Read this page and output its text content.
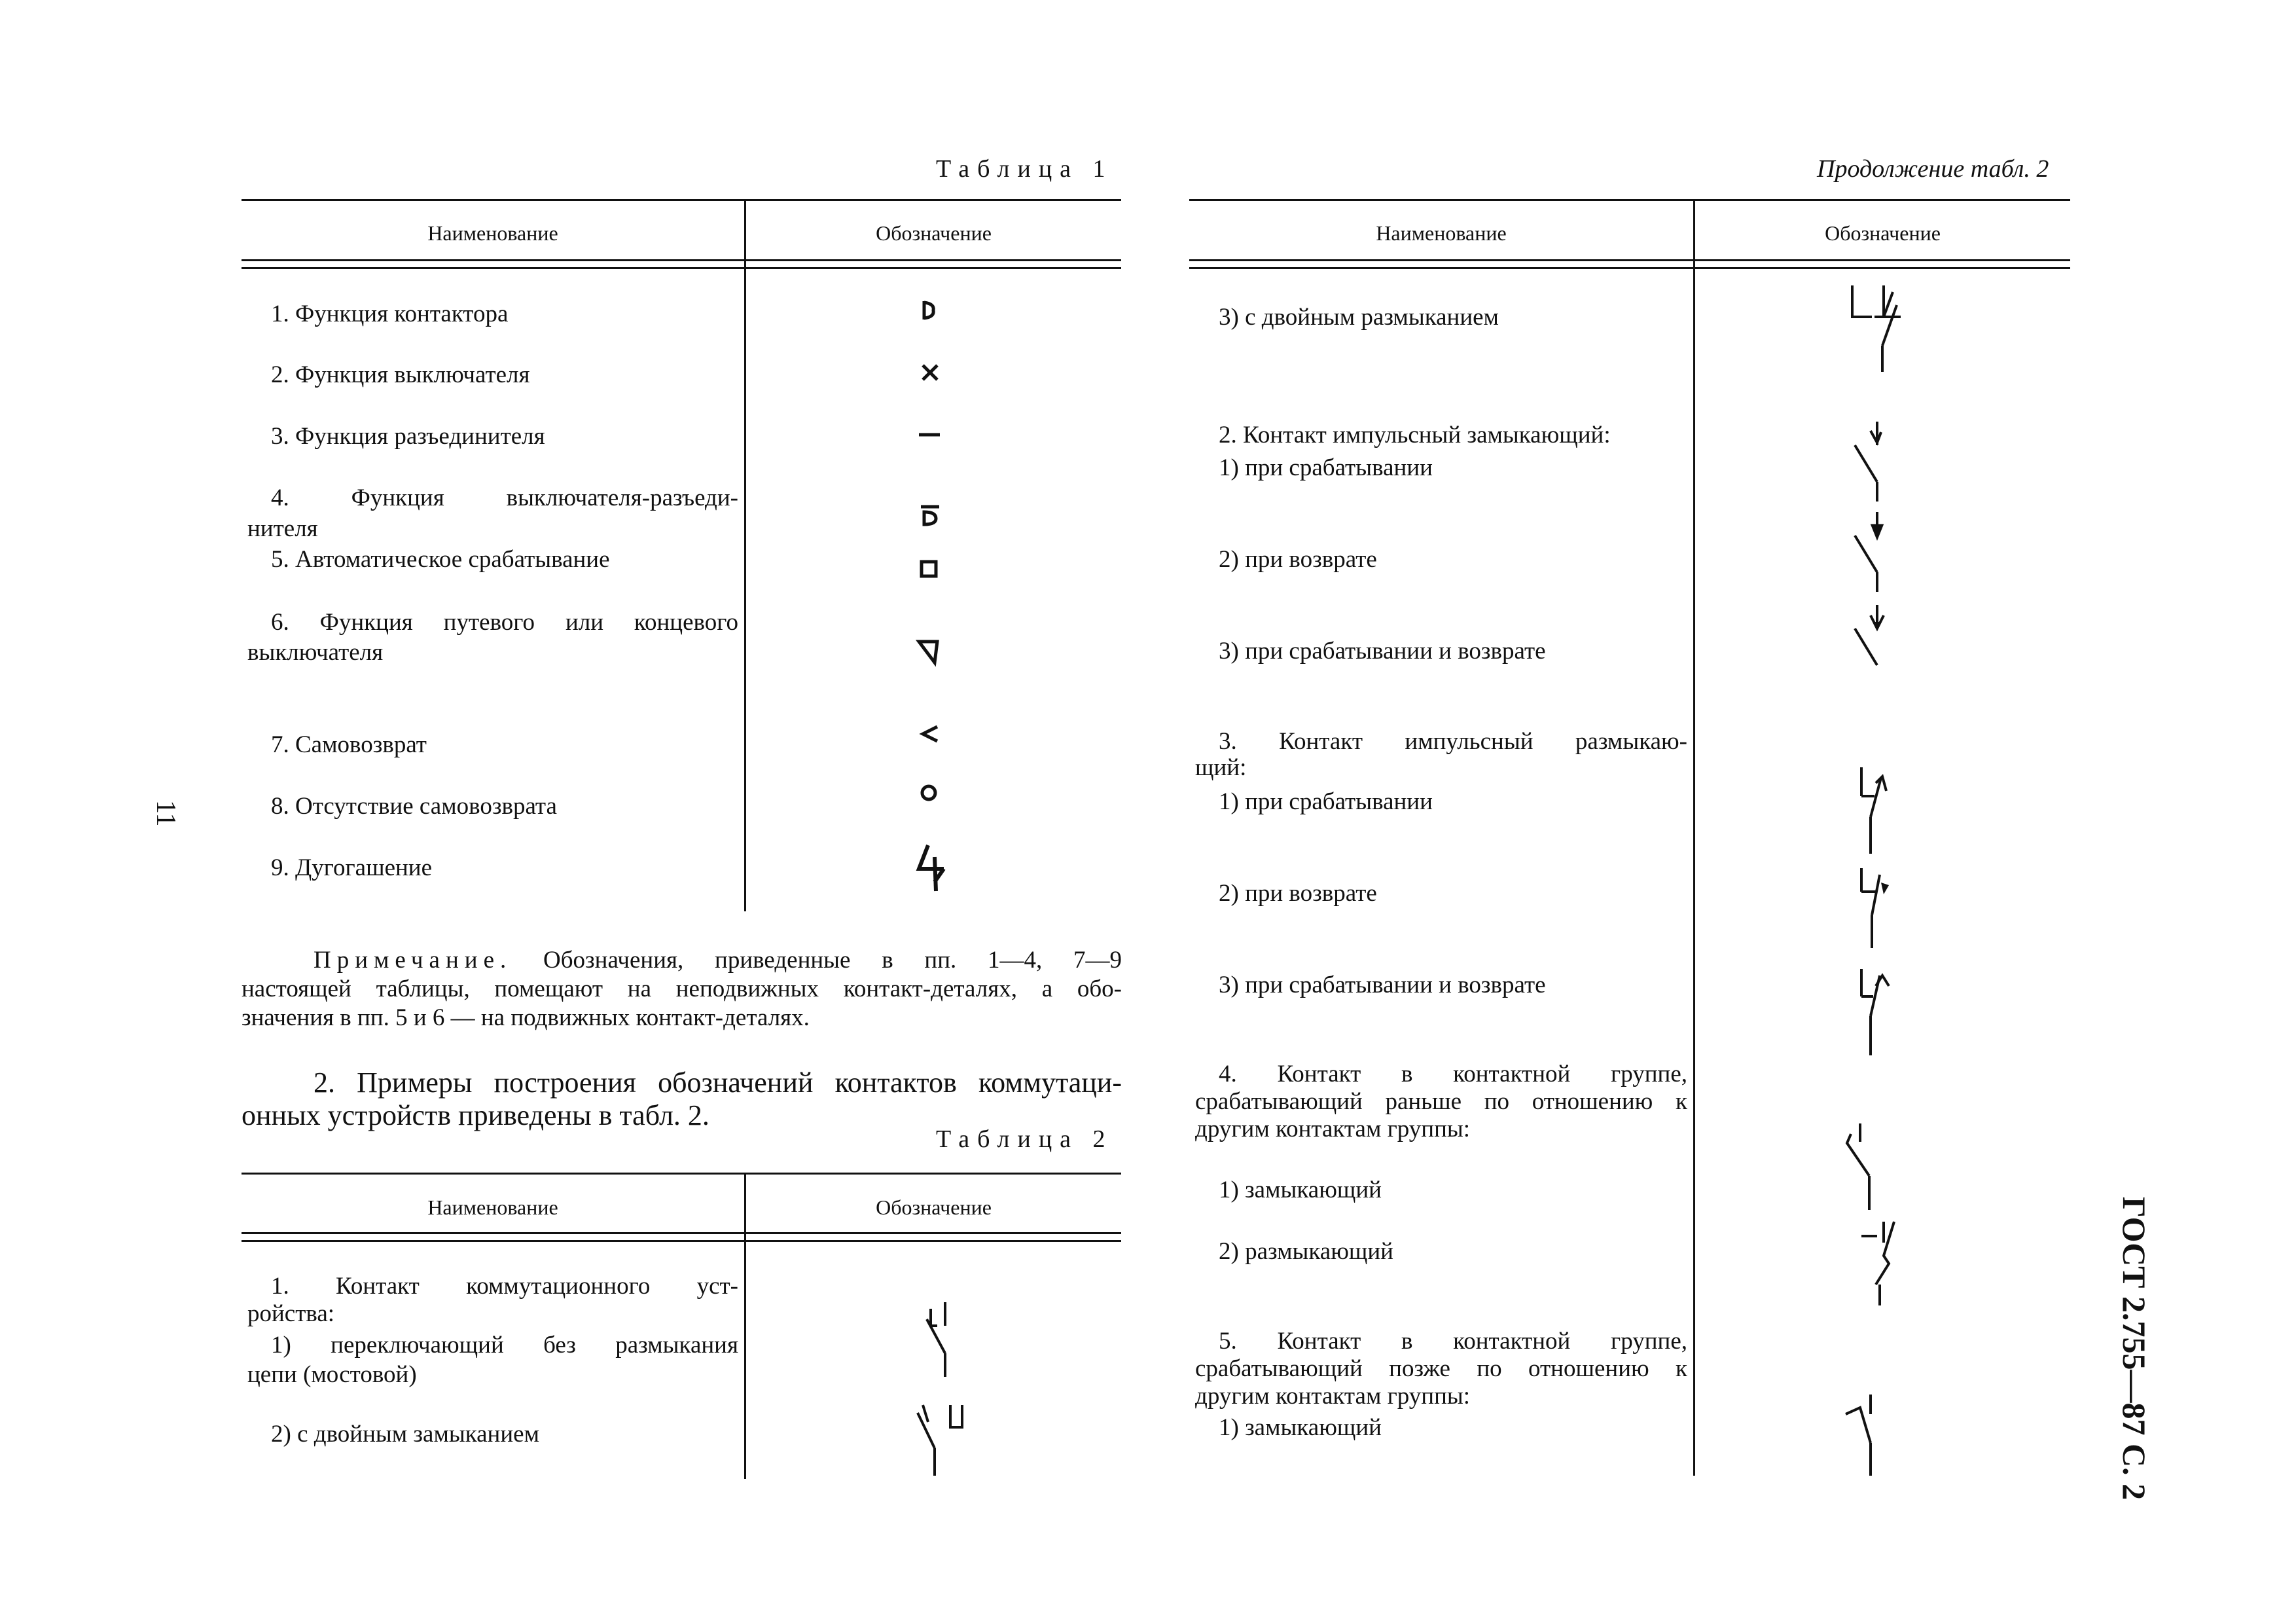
Таблица 1
Наименование	Обозначение
1. Функция контактора
2. Функция выключателя
3. Функция разъединителя
4. Функция выключателя-разъеди-
нителя
5. Автоматическое срабатывание
6. Функция путевого или концевого
выключателя
7. Самовозврат
8. Отсутствие самовозврата
9. Дугогашение
Примечание. Обозначения, приведенные в пп. 1—4, 7—9
настоящей таблицы, помещают на неподвижных контакт-деталях, а обо-
значения в пп. 5 и 6 — на подвижных контакт-деталях.
2. Примеры построения обозначений контактов коммутаци-
онных устройств приведены в табл. 2.
Таблица 2
Наименование	Обозначение
1. Контакт коммутационного уст-
ройства:
1) переключающий без размыкания
цепи (мостовой)
2) с двойным замыканием
Продолжение табл. 2
Наименование	Обозначение
3) с двойным размыканием
2. Контакт импульсный замыкающий:
1) при срабатывании
2) при возврате
3) при срабатывании и возврате
3. Контакт импульсный размыкаю-
щий:
1) при срабатывании
2) при возврате
3) при срабатывании и возврате
4. Контакт в контактной группе,
срабатывающий раньше по отношению к
другим контактам группы:
1) замыкающий
2) размыкающий
5. Контакт в контактной группе,
срабатывающий позже по отношению к
другим контактам группы:
1) замыкающий
11
ГОСТ 2.755—87 С. 2
